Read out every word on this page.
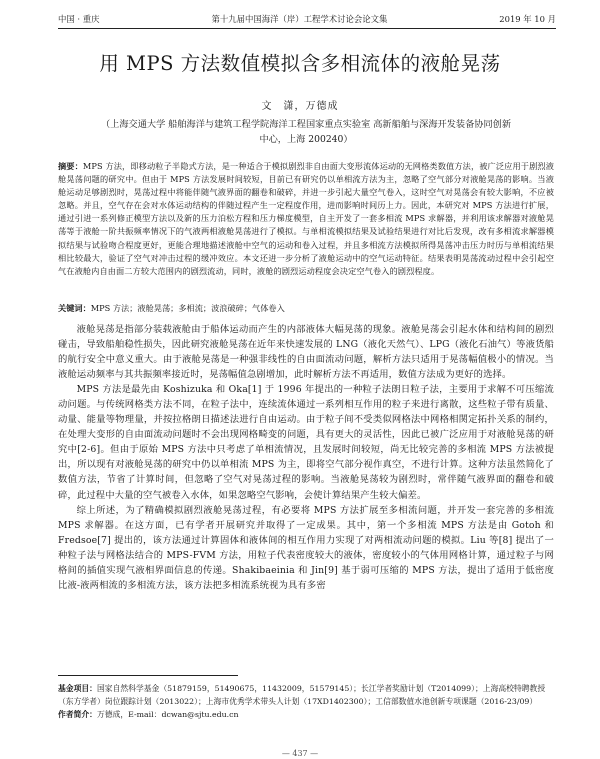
中国 · 重庆	第十九届中国海洋（岸）工程学术讨论会论文集	2019 年 10 月
用 MPS 方法数值模拟含多相流体的液舱晃荡
文　潇，万德成
（上海交通大学 船舶海洋与建筑工程学院海洋工程国家重点实验室 高新船舶与深海开发装备协同创新
中心，上海 200240）

摘要：MPS 方法，即移动粒子半隐式方法，是一种适合于模拟剧烈非自由面大变形流体运动的无网格类数值方法，被广泛应用于剧烈液舱晃荡问题的研究中。但由于 MPS 方法发展时间较短，目前已有研究仍以单相流方法为主，忽略了空气部分对液舱晃荡的影响。当液舱运动足够剧烈时，晃荡过程中将能伴随气液界面的翻卷和破碎，并进一步引起大量空气卷入，这时空气对晃荡会有较大影响，不应被忽略。并且，空气存在会对水体运动结构的伴随过程产生一定程度作用，进而影响时间历上力。因此，本研究对 MPS 方法进行扩展，通过引进一系列修正模型方法以及新的压力泊松方程和压力梯度模型，自主开发了一套多相流 MPS 求解器，并利用该求解器对液舱晃荡等于液舱一阶共振频率情况下的气液两相液舱晃荡进行了模拟。与单相流模拟结果及试验结果进行对比后发现，改有多相流求解器模拟结果与试验吻合程度更好，更能合理地描述液舱中空气的运动和卷入过程，并且多相流方法模拟所得晃荡冲击压力时历与单相流结果相比较最大，验证了空气对冲击过程的缓冲效应。本文还进一步分析了液舱运动中的空气运动特征。结果表明晃荡流动过程中会引起空气在液舱内自由面二方较大范围内的剧烈流动，同时，液舱的剧烈运动程度会决定空气卷入的剧烈程度。

关键词：MPS 方法；液舱晃荡；多相流；波浪破碎；气体卷入

液舱晃荡是指部分装载液舱由于船体运动而产生的内部液体大幅晃荡的现象。液舱晃荡会引起水体和结构间的剧烈碰击，导致船舶稳性损失，因此研究液舱晃荡在近年来快速发展的 LNG（液化天然气）、LPG（液化石油气）等液货船的航行安全中意义重大。由于液舱晃荡是一种强非线性的自由面流动问题，解析方法只适用于晃荡幅值极小的情况。当液舱运动频率与其共振频率接近时，晃荡幅值急剧增加，此时解析方法不再适用，数值方法成为更好的选择。

MPS 方法是最先由 Koshizuka 和 Oka[1] 于 1996 年提出的一种粒子法朗日粒子法，主要用于求解不可压缩流动问题。与传统网格类方法不同，在粒子法中，连续流体通过一系列相互作用的粒子来进行离散，这些粒子带有质量、动量、能量等物理量，并按拉格朗日描述法进行自由运动。由于粒子间不受类似网格法中网格相関定拓扑关系的制约，在处理大变形的自由面流动问题时不会出现网格畸变的问题，具有更大的灵活性，因此已被广泛应用于对液舱晃荡的研究中[2-6]。但由于原始 MPS 方法中只考虑了单相流情况，且发展时间较短，尚无比较完善的多相流 MPS 方法被提出，所以现有对液舱晃荡的研究中仍以单相流 MPS 为主，即将空气部分视作真空，不进行计算。这种方法虽然简化了数值方法，节省了计算时间，但忽略了空气对晃荡过程的影响。当液舱晃荡较为剧烈时，常伴随气液界面的翻卷和破碎，此过程中大量的空气被卷入水体，如果忽略空气影响，会使计算结果产生较大偏差。

综上所述，为了精确模拟剧烈液舱晃荡过程，有必要将 MPS 方法扩展至多相流问题，并开发一套完善的多相流 MPS 求解器。在这方面，已有学者开展研究并取得了一定成果。其中，第一个多相流 MPS 方法是由 Gotoh 和 Fredsoe[7] 提出的，该方法通过计算固体和液体间的相互作用力实现了对两相流动问题的模拟。Liu 等[8] 提出了一种粒子法与网格法结合的 MPS-FVM 方法，用粒子代表密度较大的液体，密度较小的气体用网格计算，通过粒子与网格间的插值实现气液相界面信息的传递。Shakibaeinia 和 Jin[9] 基于弱可压缩的 MPS 方法，提出了适用于低密度比液-液两相流的多相流方法，该方法把多相流系统视为具有多密

基金项目：国家自然科学基金（51879159，51490675，11432009，51579145）；长江学者奖励计划（T2014099）；上海高校特聘教授（东方学者）岗位跟踪计划（2013022）；上海市优秀学术带头人计划（17XD1402300）；工信部数值水池创新专项课题（2016-23/09）
作者简介：万德成，E-mail：dcwan@sjtu.edu.cn
— 437 —
